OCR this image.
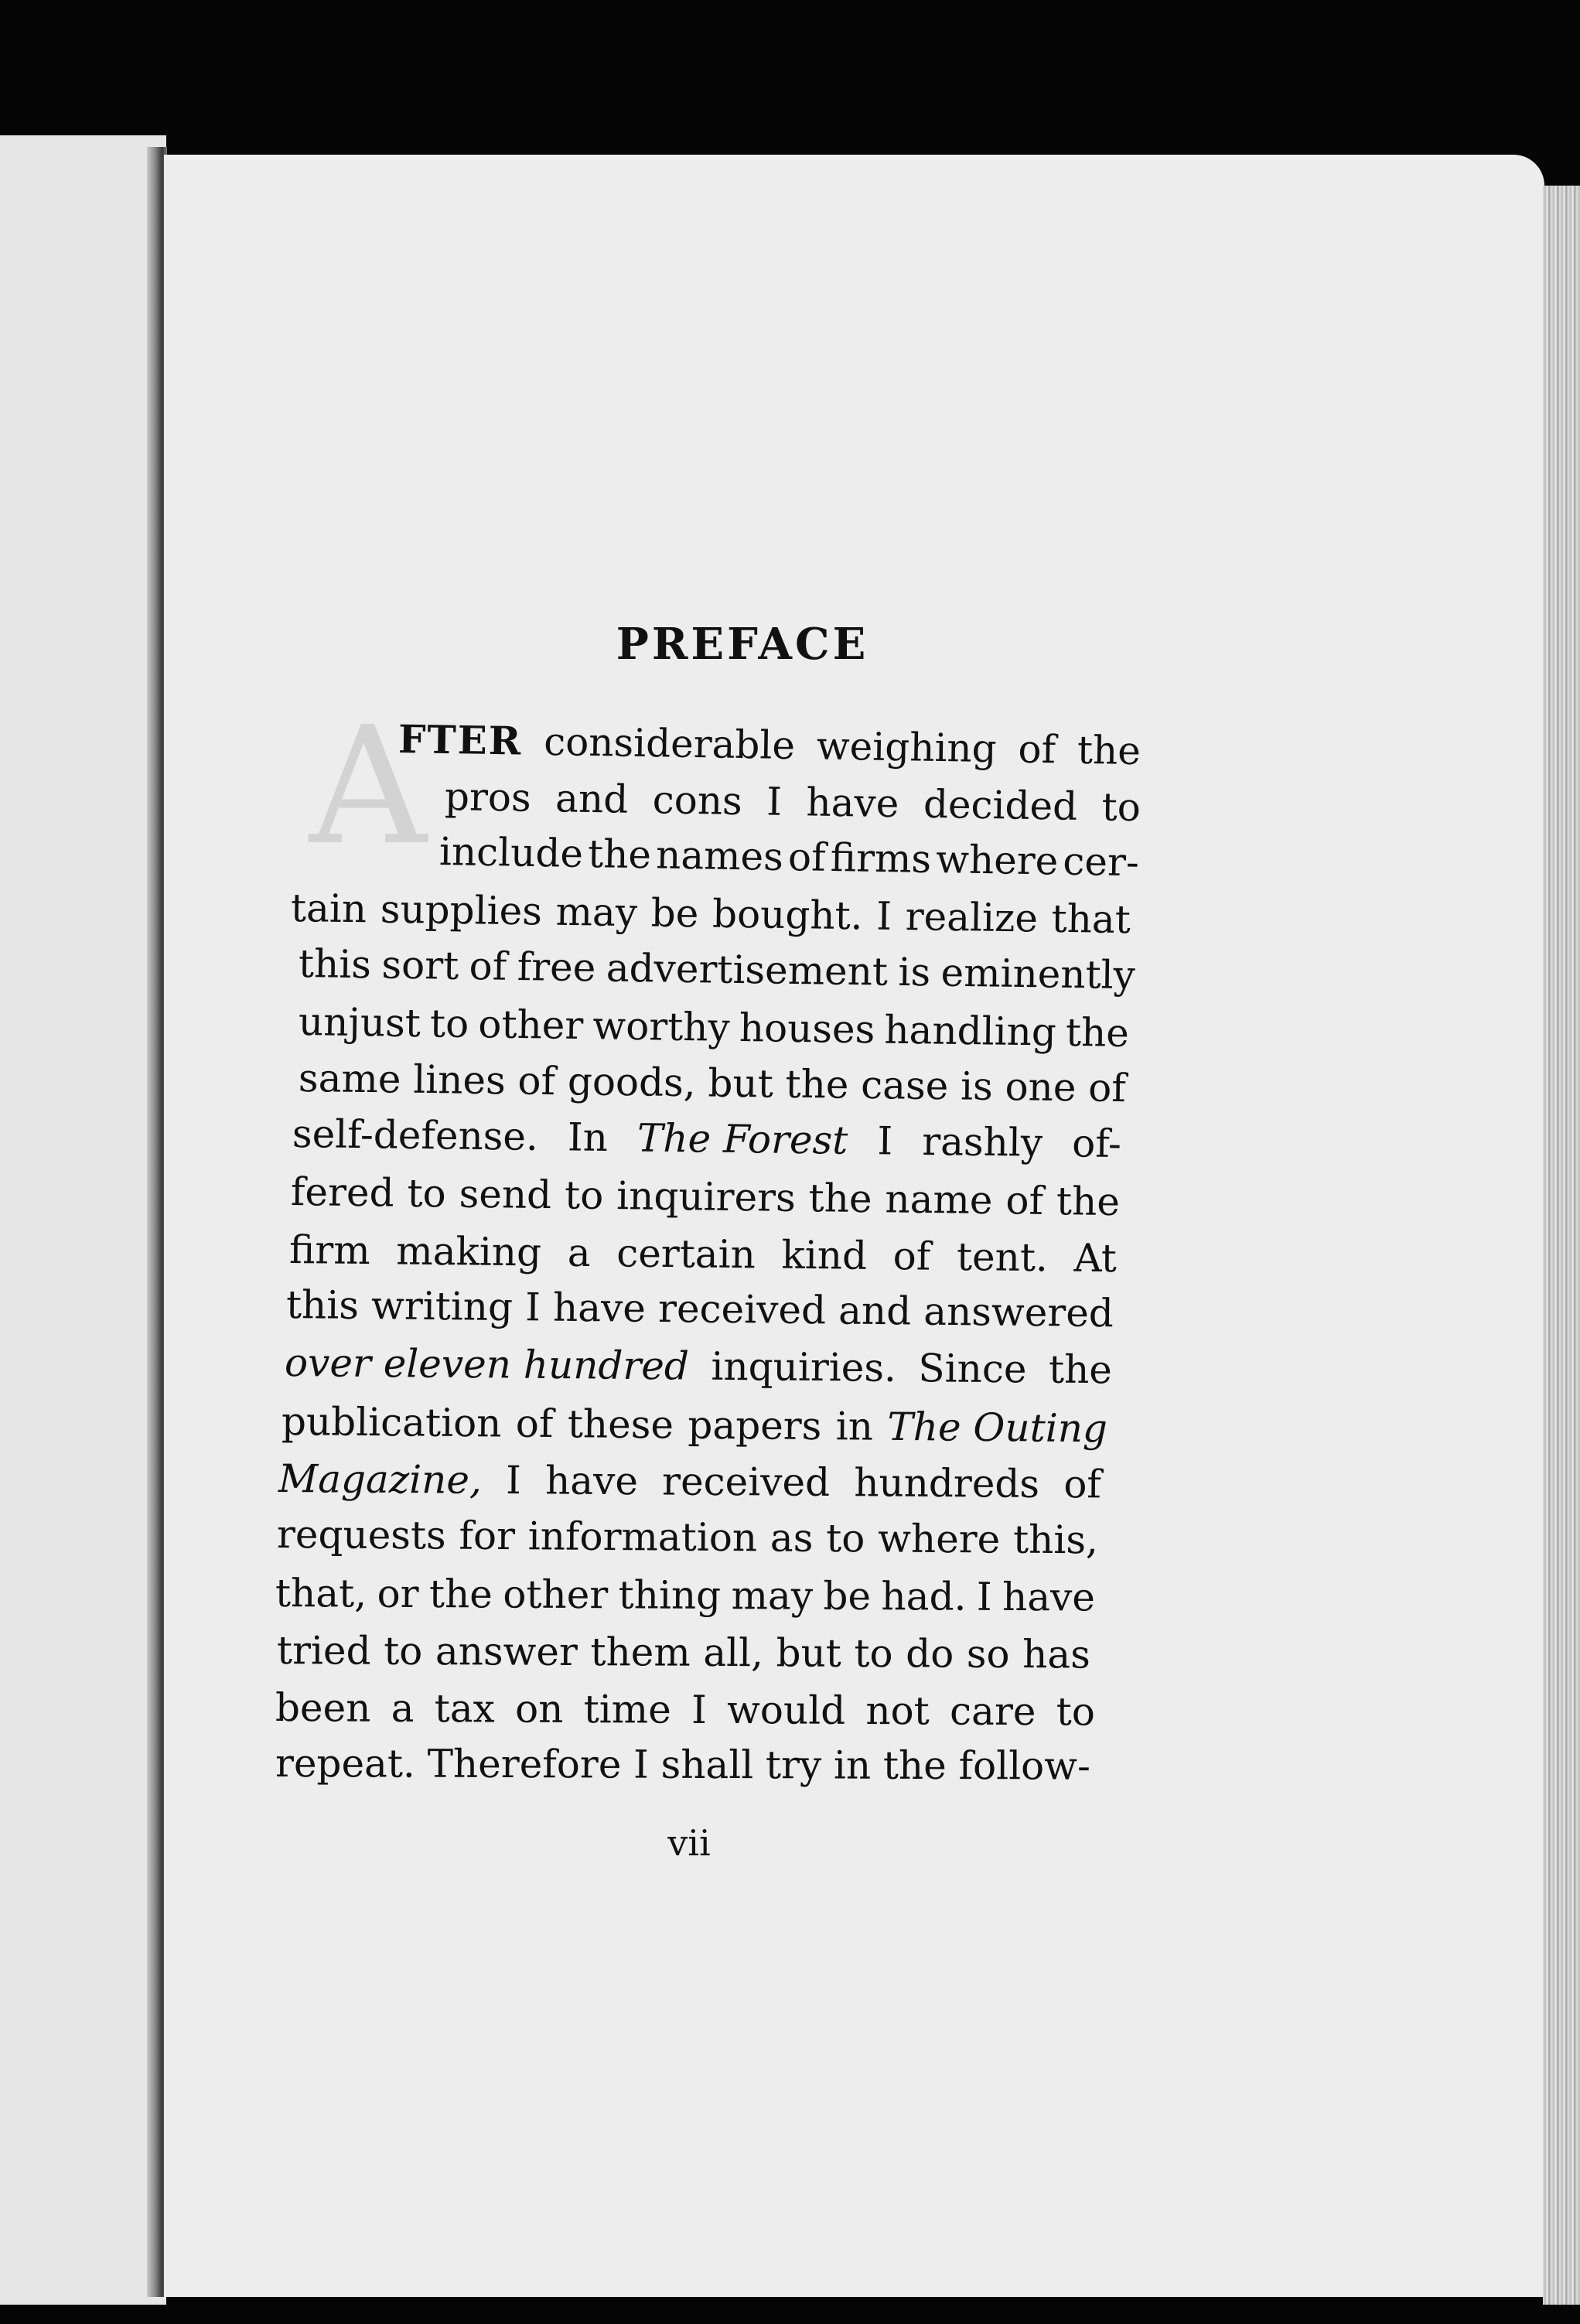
PREFACE
A
FTER considerable weighing of the
pros and cons I have decided to
include the names of firms where cer-
tain supplies may be bought. I realize that
this sort of free advertisement is eminently
unjust to other worthy houses handling the
same lines of goods, but the case is one of
self-defense. In The Forest I rashly of-
fered to send to inquirers the name of the
firm making a certain kind of tent. At
this writing I have received and answered
over eleven hundred inquiries. Since the
publication of these papers in The Outing
Magazine, I have received hundreds of
requests for information as to where this,
that, or the other thing may be had. I have
tried to answer them all, but to do so has
been a tax on time I would not care to
repeat. Therefore I shall try in the follow-
vii
